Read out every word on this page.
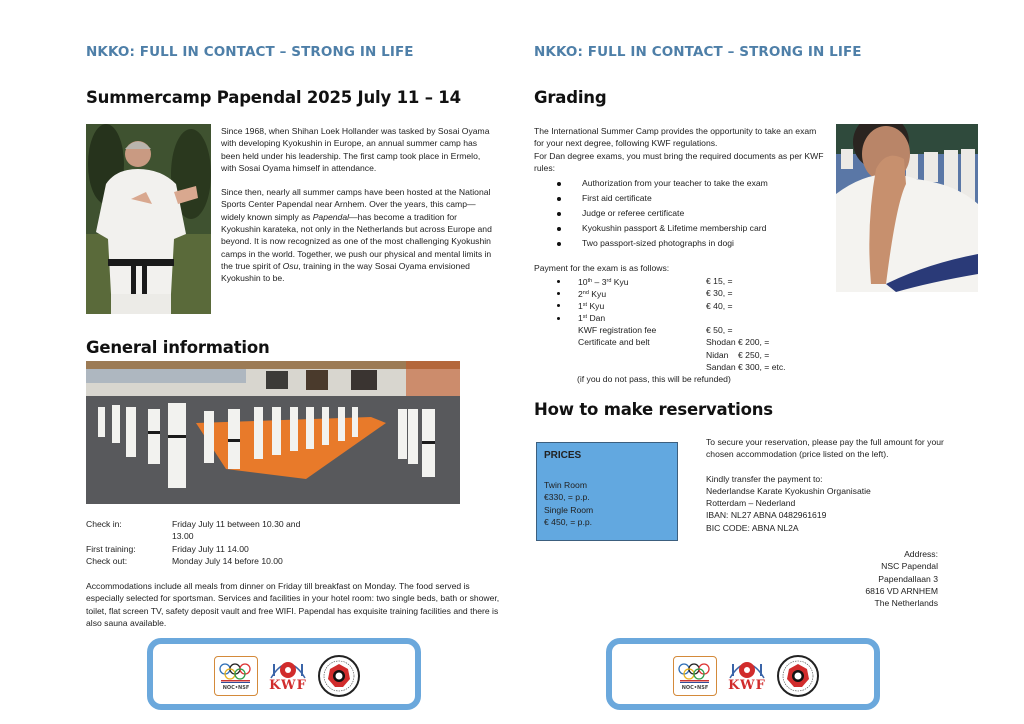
NKKO: FULL IN CONTACT – STRONG IN LIFE
Summercamp Papendal 2025 July 11 – 14

Since 1968, when Shihan Loek Hollander was tasked by Sosai Oyama with developing Kyokushin in Europe, an annual summer camp has been held under his leadership. The first camp took place in Ermelo, with Sosai Oyama himself in attendance.

Since then, nearly all summer camps have been hosted at the National Sports Center Papendal near Arnhem. Over the years, this camp—widely known simply as Papendal—has become a tradition for Kyokushin karateka, not only in the Netherlands but across Europe and beyond. It is now recognized as one of the most challenging Kyokushin camps in the world. Together, we push our physical and mental limits in the true spirit of Osu, training in the way Sosai Oyama envisioned Kyokushin to be.

General information
Check in:	Friday July 11 between 10.30 and
13.00
First training:	Friday July 11 14.00
Check out:	Monday July 14 before 10.00
Accommodations include all meals from dinner on Friday till breakfast on Monday. The food served is especially selected for sportsman. Services and facilities in your hotel room: two single beds, bath or shower, toilet, flat screen TV, safety deposit vault and free WIFI. Papendal has exquisite training facilities and there is also sauna available.
NOC•NSF	KWF
NKKO: FULL IN CONTACT – STRONG IN LIFE
Grading

The International Summer Camp provides the opportunity to take an exam for your next degree, following KWF regulations.

For Dan degree exams, you must bring the required documents as per KWF rules:

Authorization from your teacher to take the exam
First aid certificate
Judge or referee certificate
Kyokushin passport & Lifetime membership card
Two passport-sized photographs in dogi
Payment for the exam is as follows:
10th – 3rd Kyu	€ 15, =
2nd Kyu	€ 30, =
1st Kyu	€ 40, =
1st Dan
KWF registration fee	€ 50, =
Certificate and belt	Shodan € 200, =
Nidan    € 250, =
Sandan € 300, = etc.
(if you do not pass, this will be refunded)
How to make reservations
PRICES
Twin Room
€330, = p.p.
Single Room
€ 450, = p.p.

To secure your reservation, please pay the full amount for your chosen accommodation (price listed on the left).

Kindly transfer the payment to:
Nederlandse Karate Kyokushin Organisatie
Rotterdam – Nederland
IBAN: NL27 ABNA 0482961619
BIC CODE: ABNA NL2A
Address:
NSC Papendal
Papendallaan 3
6816 VD ARNHEM
The Netherlands
NOC•NSF	KWF
